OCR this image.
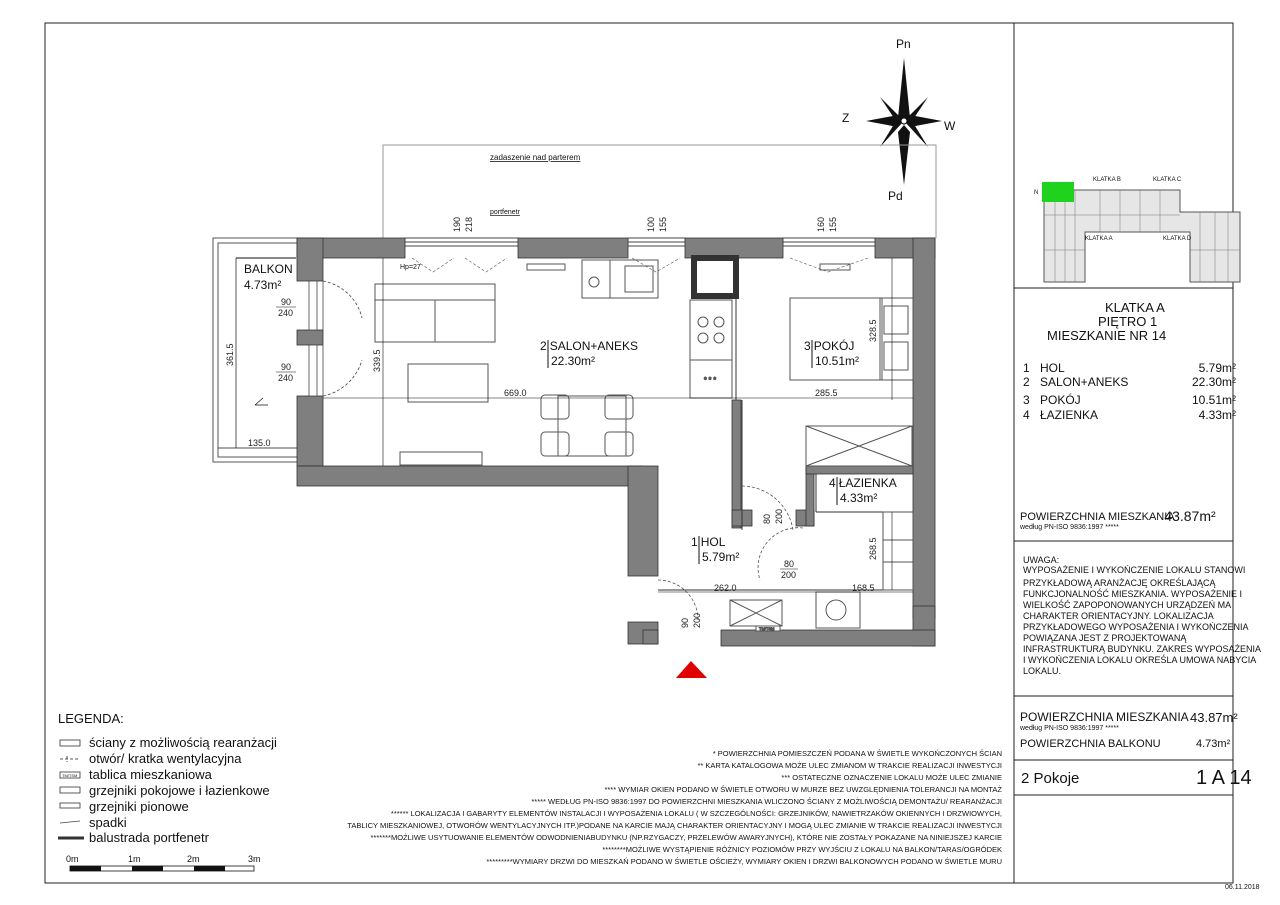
Pn
Pd
W
Z
zadaszenie nad parterem
BALKON
4.73m²
361.5
135.0
90
240
90
240
190 218
portfenetr
100 155	160 155
Hp=27
* * *
TM/TSM
669.0	285.5
339.5
328.5
268.5
262.0	168.5
80 200
80
200
90 200
2 SALON+ANEKS
22.30m²
3 POKÓJ
10.51m²
4 ŁAZIENKA
4.33m²
1 HOL
5.79m²
N
KLATKA B	KLATKA C
KLATKA A	KLATKA D
KLATKA A
PIĘTRO 1
MIESZKANIE NR 14
1 HOL	5.79m²
2 SALON+ANEKS	22.30m²
3 POKÓJ	10.51m²
4 ŁAZIENKA	4.33m²
POWIERZCHNIA MIESZKANIA
według PN-ISO 9836:1997 *****
43.87m²
UWAGA:
WYPOSAŻENIE I WYKOŃCZENIE LOKALU STANOWI
PRZYKŁADOWĄ ARANŻACJĘ OKREŚLAJĄCĄ
FUNKCJONALNOŚĆ MIESZKANIA. WYPOSAŻENIE I
WIELKOŚĆ ZAPOPONOWANYCH URZĄDZEŃ MA
CHARAKTER ORIENTACYJNY. LOKALIZACJA
PRZYKŁADOWEGO WYPOSAŻENIA I WYKOŃCZENIA
POWIĄZANA JEST Z PROJEKTOWANĄ
INFRASTRUKTURĄ BUDYNKU. ZAKRES WYPOSAŻENIA
I WYKOŃCZENIA LOKALU OKREŚLA UMOWA NABYCIA
LOKALU.
POWIERZCHNIA MIESZKANIA 43.87m²
według PN-ISO 9836:1997 *****
POWIERZCHNIA BALKONU	4.73m²
2 Pokoje	1 A 14
06.11.2018
LEGENDA:
ściany z możliwością rearanżacji
otwór/ kratka wentylacyjna
TM/TSM tablica mieszkaniowa
grzejniki pokojowe i łazienkowe
grzejniki pionowe
spadki
balustrada portfenetr
0m	1m	2m	3m
* POWIERZCHNIA POMIESZCZEŃ PODANA W ŚWIETLE WYKOŃCZONYCH ŚCIAN
** KARTA KATALOGOWA MOŻE ULEC ZMIANOM W TRAKCIE REALIZACJI INWESTYCJI
*** OSTATECZNE OZNACZENIE LOKALU MOŻE ULEC ZMIANIE
**** WYMIAR OKIEN PODANO W ŚWIETLE OTWORU W MURZE BEZ UWZGLĘDNIENIA TOLERANCJI NA MONTAŻ
***** WEDŁUG PN-ISO 9836:1997 DO POWIERZCHNI MIESZKANIA WLICZONO ŚCIANY Z MOŻLIWOŚCIĄ DEMONTAŻU/ REARANŻACJI
****** LOKALIZACJA I GABARYTY ELEMENTÓW INSTALACJI I WYPOSAŻENIA LOKALU ( W SZCZEGÓLNOŚCI: GRZEJNIKÓW, NAWIETRZAKÓW OKIENNYCH I DRZWIOWYCH,
TABLICY MIESZKANIOWEJ, OTWORÓW WENTYLACYJNYCH ITP.)PODANE NA KARCIE MAJĄ CHARAKTER ORIENTACYJNY I MOGĄ ULEC ZMIANIE W TRAKCIE REALIZACJI INWESTYCJI
*******MOŻLIWE USYTUOWANIE ELEMENTÓW ODWODNIENIABUDYNKU (NP.RZYGACZY, PRZELEWÓW AWARYJNYCH), KTÓRE NIE ZOSTAŁY POKAZANE NA NINIEJSZEJ KARCIE
********MOŻLIWE WYSTĄPIENIE RÓŻNICY POZIOMÓW PRZY WYJŚCIU Z LOKALU NA BALKON/TARAS/OGRÓDEK
*********WYMIARY DRZWI DO MIESZKAŃ PODANO W ŚWIETLE OŚCIEŻY, WYMIARY OKIEN I DRZWI BALKONOWYCH PODANO W ŚWIETLE MURU
